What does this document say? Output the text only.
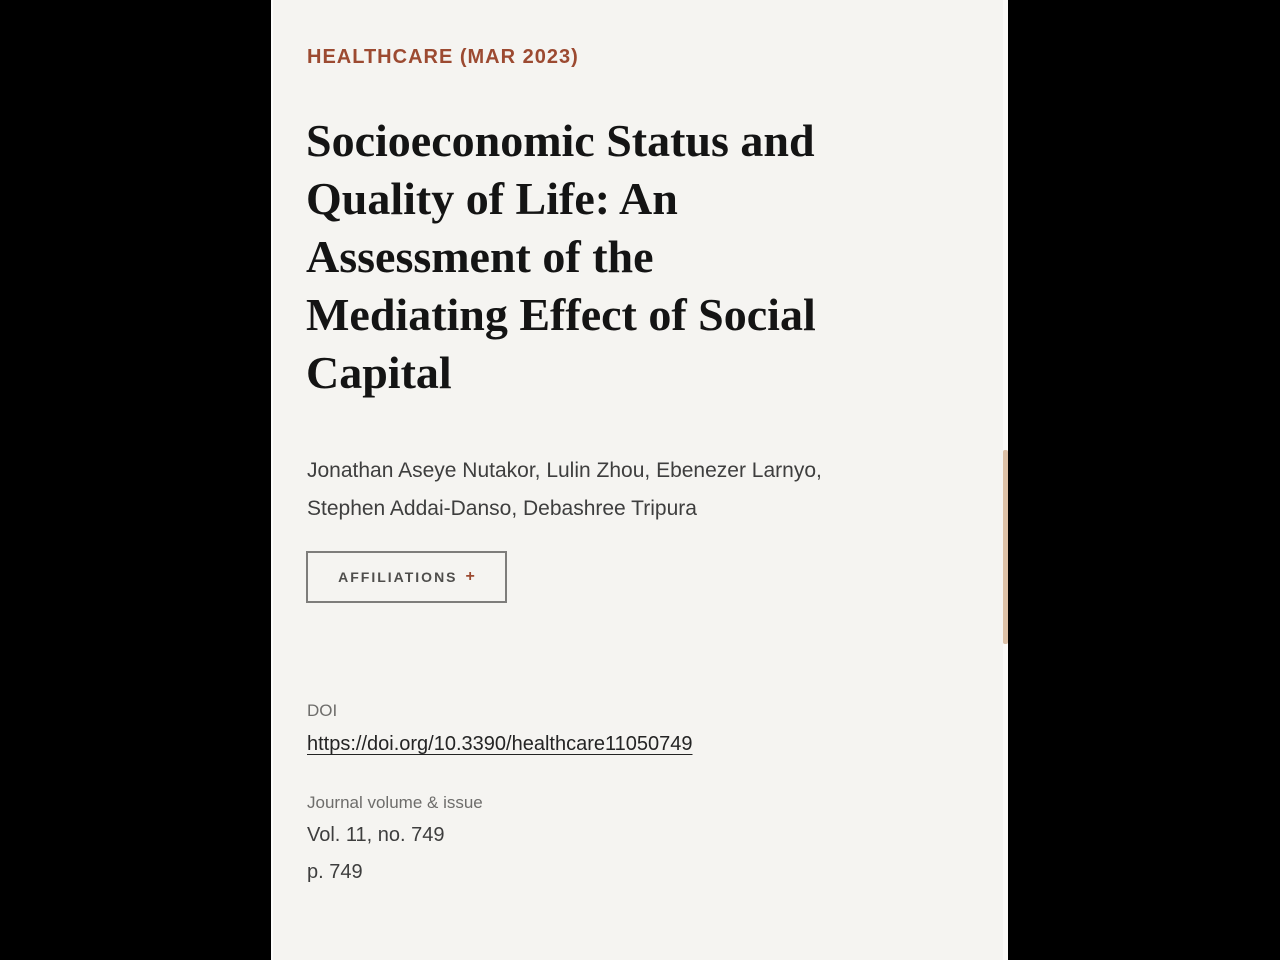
HEALTHCARE (MAR 2023)
Socioeconomic Status and
Quality of Life: An
Assessment of the
Mediating Effect of Social
Capital
Jonathan Aseye Nutakor, Lulin Zhou, Ebenezer Larnyo,
Stephen Addai-Danso, Debashree Tripura
AFFILIATIONS +
DOI
https://doi.org/10.3390/healthcare11050749
Journal volume & issue
Vol. 11, no. 749
p. 749
